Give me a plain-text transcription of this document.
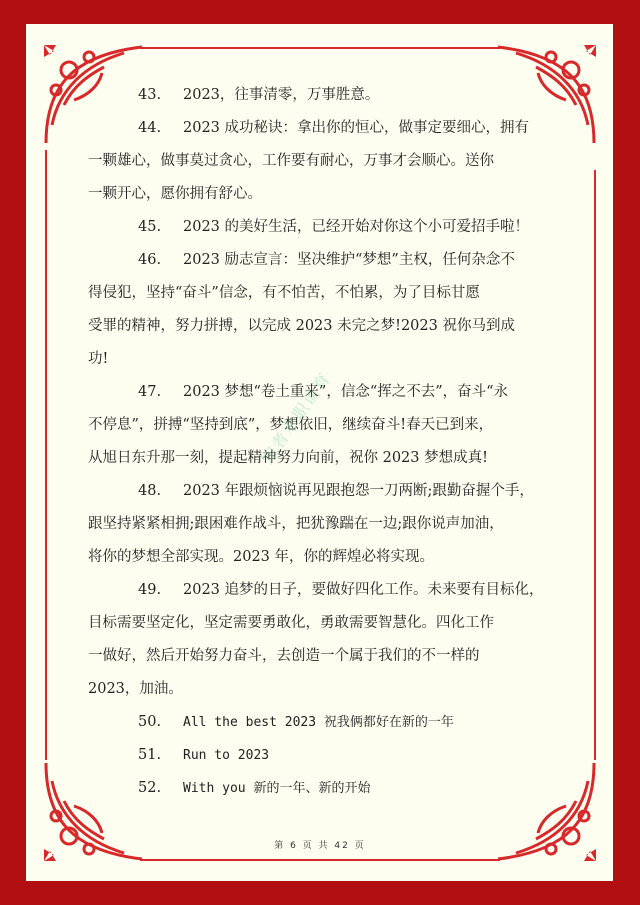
43. 2023，往事清零，万事胜意。

44. 2023 成功秘诀：拿出你的恒心，做事定要细心，拥有

一颗雄心，做事莫过贪心，工作要有耐心，万事才会顺心。送你

一颗开心，愿你拥有舒心。

45. 2023 的美好生活，已经开始对你这个小可爱招手啦！

46. 2023 励志宣言：坚决维护“梦想”主权，任何杂念不

得侵犯，坚持“奋斗”信念，有不怕苦，不怕累，为了目标甘愿

受罪的精神，努力拼搏，以完成 2023 未完之梦!2023 祝你马到成

功!

47. 2023 梦想“卷土重来”，信念“挥之不去”，奋斗“永

不停息”，拼搏“坚持到底”，梦想依旧，继续奋斗!春天已到来，

从旭日东升那一刻，提起精神努力向前，祝你 2023 梦想成真!

48. 2023 年跟烦恼说再见跟抱怨一刀两断;跟勤奋握个手，

跟坚持紧紧相拥;跟困难作战斗，把犹豫踹在一边;跟你说声加油，

将你的梦想全部实现。2023 年，你的辉煌必将实现。

49. 2023 追梦的日子，要做好四化工作。未来要有目标化，

目标需要坚定化，坚定需要勇敢化，勇敢需要智慧化。四化工作

一做好，然后开始努力奋斗，去创造一个属于我们的不一样的

2023，加油。

50. All the best 2023 祝我俩都好在新的一年

51. Run to 2023

52. With you 新的一年、新的开始

知者水职谈育
第 6 页 共 42 页
